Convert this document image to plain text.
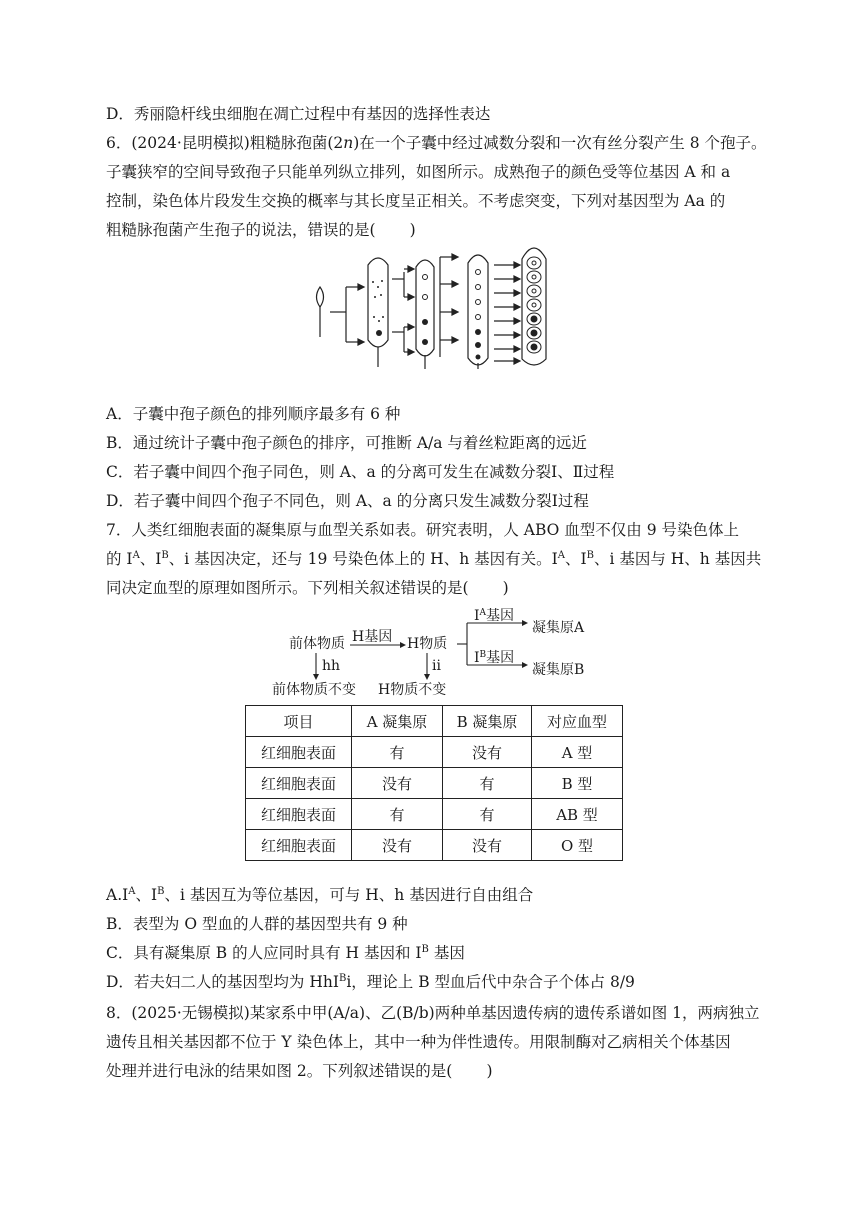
D．秀丽隐杆线虫细胞在凋亡过程中有基因的选择性表达
6．(2024·昆明模拟)粗糙脉孢菌(2n)在一个子囊中经过减数分裂和一次有丝分裂产生 8 个孢子。
子囊狭窄的空间导致孢子只能单列纵立排列，如图所示。成熟孢子的颜色受等位基因 A 和 a
控制，染色体片段发生交换的概率与其长度呈正相关。不考虑突变，下列对基因型为 Aa 的
粗糙脉孢菌产生孢子的说法，错误的是( )
A．子囊中孢子颜色的排列顺序最多有 6 种
B．通过统计子囊中孢子颜色的排序，可推断 A/a 与着丝粒距离的远近
C．若子囊中间四个孢子同色，则 A、a 的分离可发生在减数分裂Ⅰ、Ⅱ过程
D．若子囊中间四个孢子不同色，则 A、a 的分离只发生减数分裂Ⅰ过程
7．人类红细胞表面的凝集原与血型关系如表。研究表明，人 ABO 血型不仅由 9 号染色体上
的 $I^A$、$I^B$、i 基因决定，还与 19 号染色体上的 H、h 基因有关。$I^A$、$I^B$、i 基因与 H、h 基因共
同决定血型的原理如图所示。下列相关叙述错误的是( )
前体物质 H基因 H物质
$I^A$基因
$I^B$基因
凝集原A
凝集原B
hh	ii
前体物质不变 H物质不变
项目	A 凝集原	B 凝集原	对应血型
红细胞表面	有	没有	A 型
红细胞表面	没有	有	B 型
红细胞表面	有	有	AB 型
红细胞表面	没有	没有	O 型
$A.I^A$、$I^B$、i 基因互为等位基因，可与 H、h 基因进行自由组合
B．表型为 O 型血的人群的基因型共有 9 种
C．具有凝集原 B 的人应同时具有 H 基因和 $I^B$ 基因
D．若夫妇二人的基因型均为 HhI$^B$i，理论上 B 型血后代中杂合子个体占 8/9
8．(2025·无锡模拟)某家系中甲(A/a)、乙(B/b)两种单基因遗传病的遗传系谱如图 1，两病独立
遗传且相关基因都不位于 Y 染色体上，其中一种为伴性遗传。用限制酶对乙病相关个体基因
处理并进行电泳的结果如图 2。下列叙述错误的是( )
